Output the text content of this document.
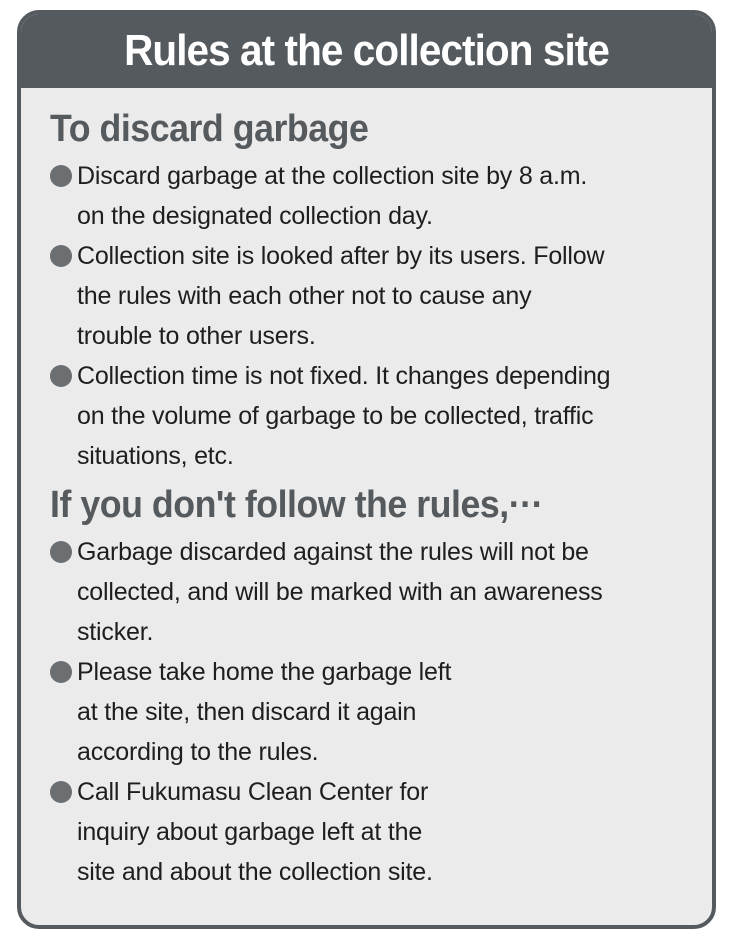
Rules at the collection site
To discard garbage
Discard garbage at the collection site by 8 a.m.
on the designated collection day.
Collection site is looked after by its users. Follow
the rules with each other not to cause any
trouble to other users.
Collection time is not fixed. It changes depending
on the volume of garbage to be collected, traffic
situations, etc.
If you don't follow the rules,···
Garbage discarded against the rules will not be
collected, and will be marked with an awareness
sticker.
Please take home the garbage left
at the site, then discard it again
according to the rules.
Call Fukumasu Clean Center for
inquiry about garbage left at the
site and about the collection site.
